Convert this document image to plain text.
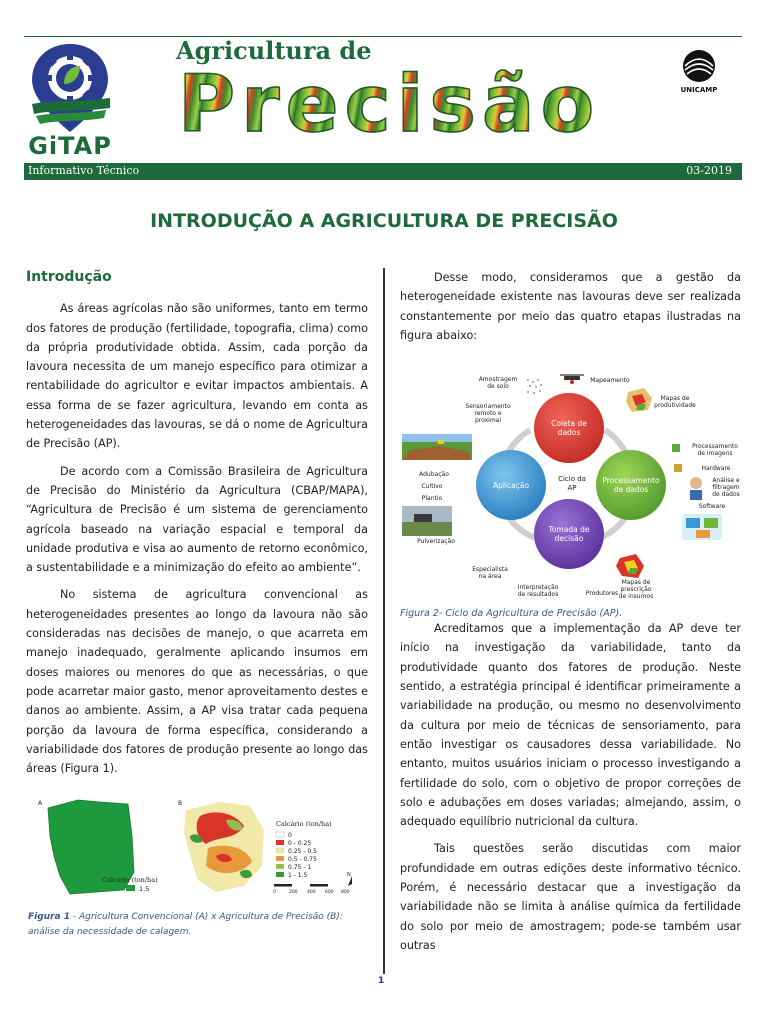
GiTAP
Agricultura de
Precisão	UNICAMP
Informativo Técnico	03-2019
INTRODUÇÃO A AGRICULTURA DE PRECISÃO
Introdução

As áreas agrícolas não são uniformes, tanto em termo dos fatores de produção (fertilidade, topografia, clima) como da própria produtividade obtida. Assim, cada porção da lavoura necessita de um manejo específico para otimizar a rentabilidade do agricultor e evitar impactos ambientais. A essa forma de se fazer agricultura, levando em conta as heterogeneidades das lavouras, se dá o nome de Agricultura de Precisão (AP).

De acordo com a Comissão Brasileira de Agricultura de Precisão do Ministério da Agricultura (CBAP/MAPA), “Agricultura de Precisão é um sistema de gerenciamento agrícola baseado na variação espacial e temporal da unidade produtiva e visa ao aumento de retorno econômico, a sustentabilidade e a minimização do efeito ao ambiente”.

No sistema de agricultura convencional as heterogeneidades presentes ao longo da lavoura não são consideradas nas decisões de manejo, o que acarreta em manejo inadequado, geralmente aplicando insumos em doses maiores ou menores do que as necessárias, o que pode acarretar maior gasto, menor aproveitamento destes e danos ao ambiente. Assim, a AP visa tratar cada pequena porção da lavoura de forma específica, considerando a variabilidade dos fatores de produção presente ao longo das áreas (Figura 1).

A
Calcário (ton/ha)
1.5
B
Calcário (ton/ha)
0
0 - 0.25
0.25 - 0.5
0.5 - 0.75
0.75 - 1
1 - 1.5
0	200 400 600 800
N
Figura 1 - Agricultura Convencional (A) x Agricultura de Precisão (B): análise da necessidade de calagem.

Desse modo, consideramos que a gestão da heterogeneidade existente nas lavouras deve ser realizada constantemente por meio das quatro etapas ilustradas na figura abaixo:

Acreditamos que a implementação da AP deve ter início na investigação da variabilidade, tanto da produtividade quanto dos fatores de produção. Neste sentido, a estratégia principal é identificar primeiramente a variabilidade na produção, ou mesmo no desenvolvimento da cultura por meio de técnicas de sensoriamento, para então investigar os causadores dessa variabilidade. No entanto, muitos usuários iniciam o processo investigando a fertilidade do solo, com o objetivo de propor correções de solo e adubações em doses variadas; almejando, assim, o adequado equilíbrio nutricional da cultura.

Tais questões serão discutidas com maior profundidade em outras edições deste informativo técnico. Porém, é necessário destacar que a investigação da variabilidade não se limita à análise química da fertilidade do solo por meio de amostragem; pode-se também usar outras

Coleta de
dados
Processamento
de dados
Tomada de
decisão
Aplicação
Ciclo da
AP
Amostragem
de solo
Mapeamento
Sensoriamento
remoto e
proximal
Mapas de
produtividade
Processamento
de imagens
Hardware
Análise e
filtragem
de dados
Software
Adubação
Cultivo
Plantio
Pulverização
Especialista
na área
Interpretação
de resultados	Produtores
Mapas de
prescrição
de insumos
Figura 2- Ciclo da Agricultura de Precisão (AP).
1
